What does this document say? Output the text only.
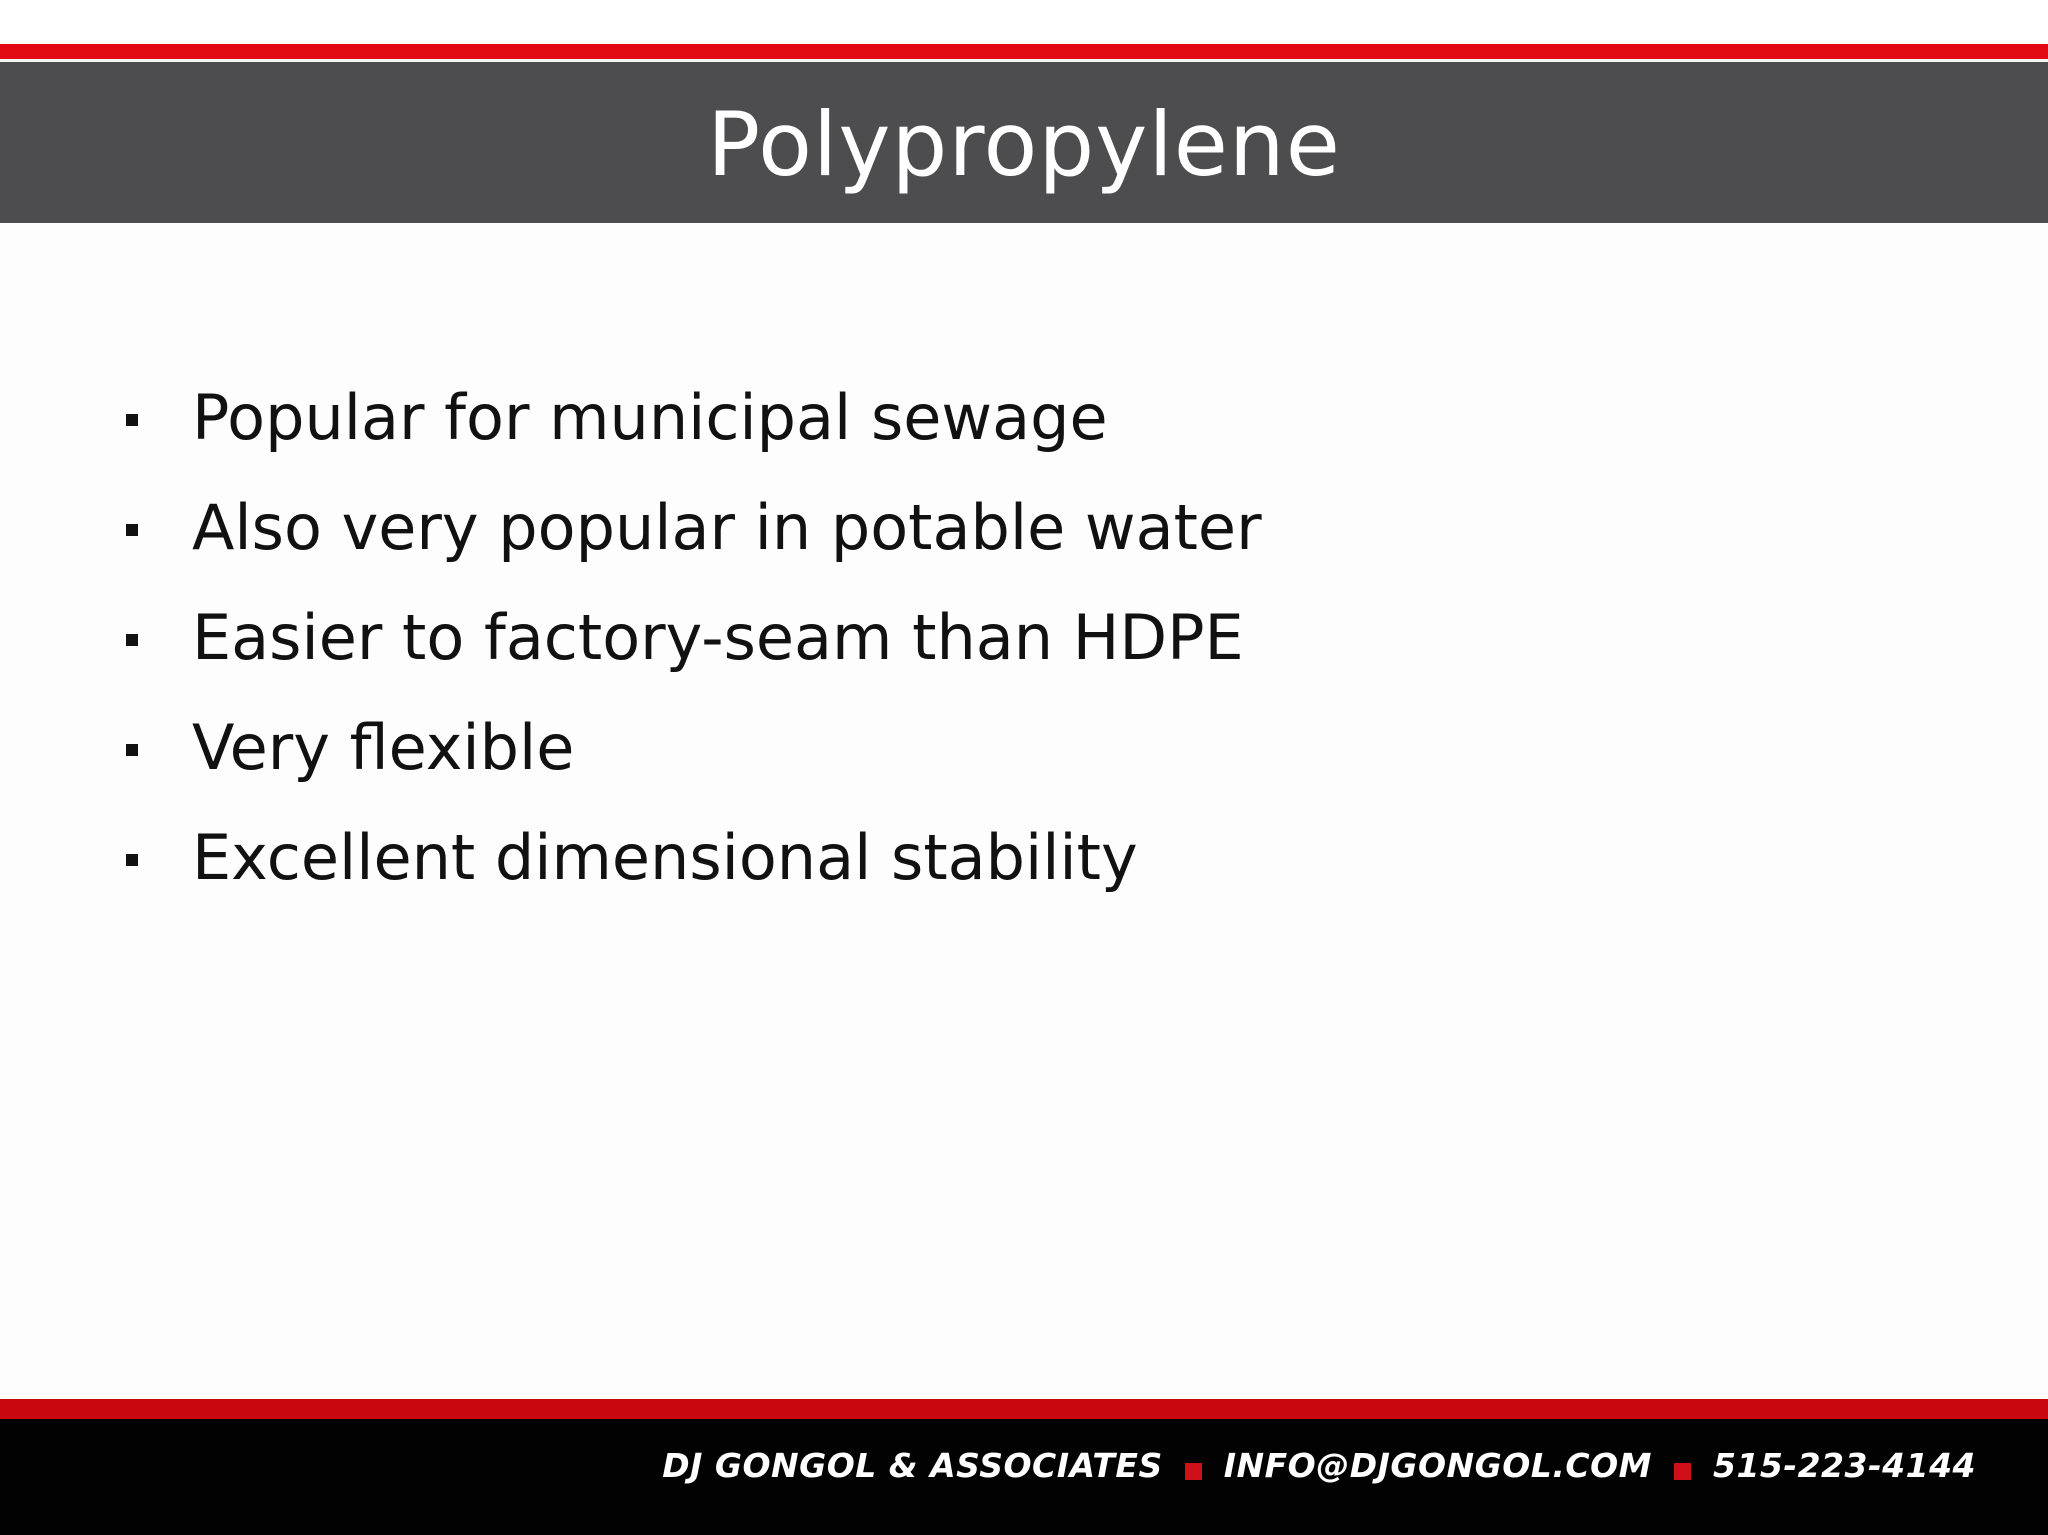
Polypropylene
Popular for municipal sewage
Also very popular in potable water
Easier to factory-seam than HDPE
Very flexible
Excellent dimensional stability
DJ GONGOL & ASSOCIATES INFO@DJGONGOL.COM 515-223-4144
